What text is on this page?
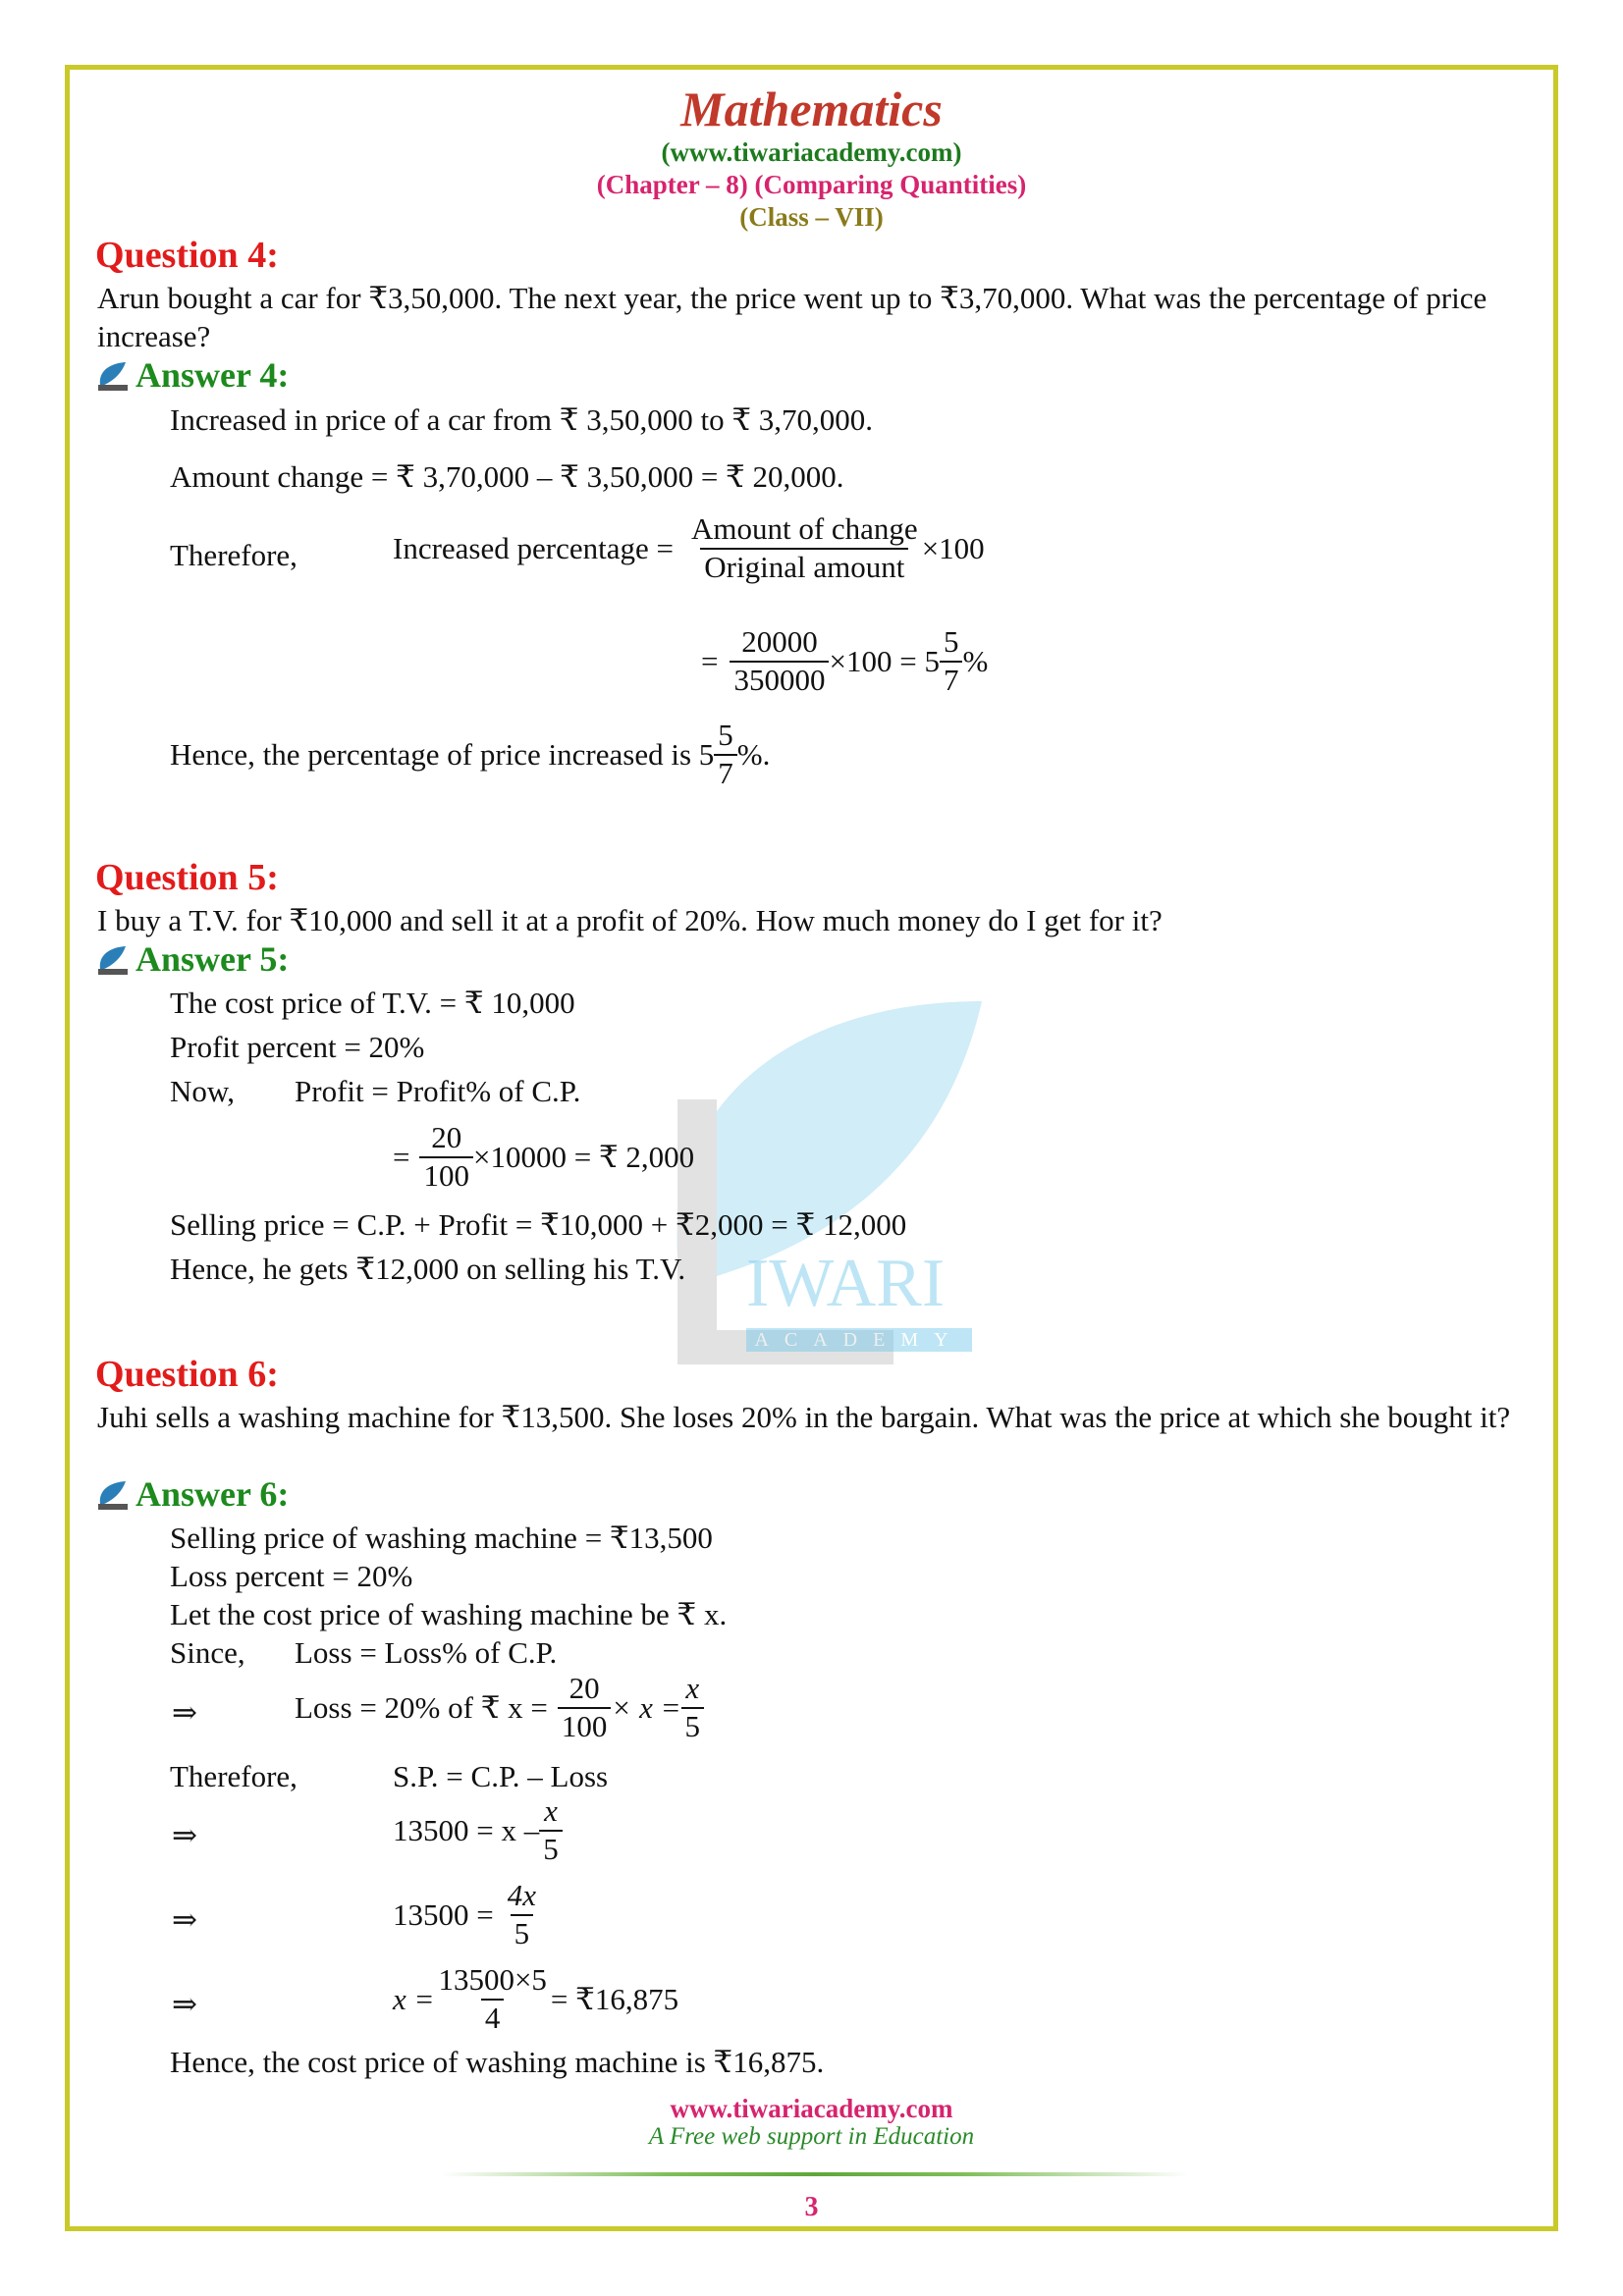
IWARI
ACADEMY
Mathematics
(www.tiwariacademy.com)
(Chapter – 8) (Comparing Quantities)
(Class – VII)
Question 4:
Arun bought a car for ₹3,50,000. The next year, the price went up to ₹3,70,000. What was the percentage of price increase?
Answer 4:
Increased in price of a car from ₹ 3,50,000 to ₹ 3,70,000.
Amount change = ₹ 3,70,000 – ₹ 3,50,000 = ₹ 20,000.
Therefore,	Increased percentage = $\frac{\text{Amount of change}}{\text{Original amount}} \times 100$
= $\frac{20000}{350000} \times 100 = 5 \frac{5}{7}$ %
Hence, the percentage of price increased is $5 \frac{5}{7}$ %.
Question 5:
I buy a T.V. for ₹10,000 and sell it at a profit of 20%. How much money do I get for it?
Answer 5:
The cost price of T.V. = ₹ 10,000
Profit percent = 20%
Now, Profit = Profit% of C.P.
= $\frac{20}{100} \times 10000$ = ₹ 2,000
Selling price = C.P. + Profit = ₹10,000 + ₹2,000 = ₹ 12,000
Hence, he gets ₹12,000 on selling his T.V.
Question 6:
Juhi sells a washing machine for ₹13,500. She loses 20% in the bargain. What was the price at which she bought it?
Answer 6:
Selling price of washing machine = ₹13,500
Loss percent = 20%
Let the cost price of washing machine be ₹ x.
Since, Loss = Loss% of C.P.
⇒	Loss = 20% of ₹ $x = \frac{20}{100} \times x = \frac{x}{5}$
Therefore,	S.P. = C.P. – Loss
⇒	$13500 = x - \frac{x}{5}$
⇒	$13500 = \frac{4x}{5}$
⇒	$x = \frac{13500\times 5}{4}$ = ₹16,875
Hence, the cost price of washing machine is ₹16,875.
www.tiwariacademy.com
A Free web support in Education
3
